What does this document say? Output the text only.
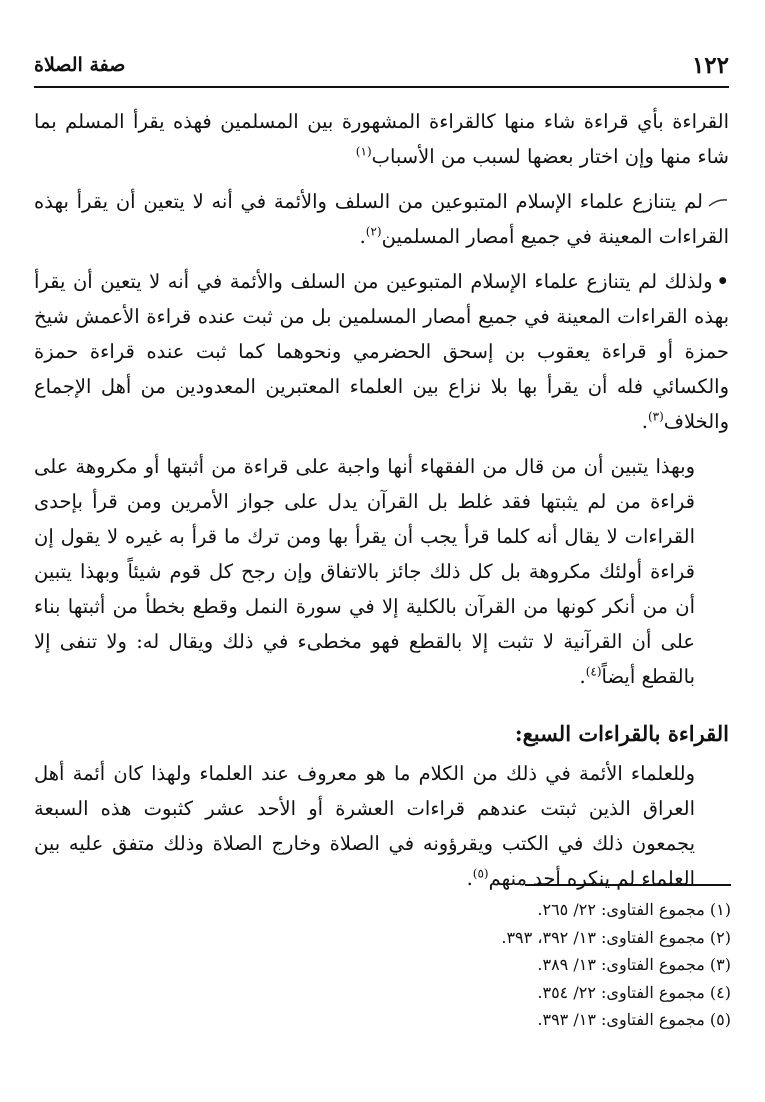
١٢٢
صفة الصلاة

القراءة بأي قراءة شاء منها كالقراءة المشهورة بين المسلمين فهذه يقرأ المسلم بما شاء منها وإن اختار بعضها لسبب من الأسباب$^{(١)}$

لم يتنازع علماء الإسلام المتبوعين من السلف والأئمة في أنه لا يتعين أن يقرأ بهذه القراءات المعينة في جميع أمصار المسلمين$^{(٢)}$.

•ولذلك لم يتنازع علماء الإسلام المتبوعين من السلف والأئمة في أنه لا يتعين أن يقرأ بهذه القراءات المعينة في جميع أمصار المسلمين بل من ثبت عنده قراءة الأعمش شيخ حمزة أو قراءة يعقوب بن إسحق الحضرمي ونحوهما كما ثبت عنده قراءة حمزة والكسائي فله أن يقرأ بها بلا نزاع بين العلماء المعتبرين المعدودين من أهل الإجماع والخلاف$^{(٣)}$.

وبهذا يتبين أن من قال من الفقهاء أنها واجبة على قراءة من أثبتها أو مكروهة على قراءة من لم يثبتها فقد غلط بل القرآن يدل على جواز الأمرين ومن قرأ بإحدى القراءات لا يقال أنه كلما قرأ يجب أن يقرأ بها ومن ترك ما قرأ به غيره لا يقول إن قراءة أولئك مكروهة بل كل ذلك جائز بالاتفاق وإن رجح كل قوم شيئاً وبهذا يتبين أن من أنكر كونها من القرآن بالكلية إلا في سورة النمل وقطع بخطأ من أثبتها بناء على أن القرآنية لا تثبت إلا بالقطع فهو مخطىء في ذلك ويقال له: ولا تنفى إلا بالقطع أيضاً$^{(٤)}$.

القراءة بالقراءات السبع:

وللعلماء الأئمة في ذلك من الكلام ما هو معروف عند العلماء ولهذا كان أئمة أهل العراق الذين ثبتت عندهم قراءات العشرة أو الأحد عشر كثبوت هذه السبعة يجمعون ذلك في الكتب ويقرؤونه في الصلاة وخارج الصلاة وذلك متفق عليه بين العلماء لم ينكره أحد منهم$^{(٥)}$.

(١) مجموع الفتاوى: ٢٢/ ٢٦٥.
(٢) مجموع الفتاوى: ١٣/ ٣٩٢، ٣٩٣.
(٣) مجموع الفتاوى: ١٣/ ٣٨٩.
(٤) مجموع الفتاوى: ٢٢/ ٣٥٤.
(٥) مجموع الفتاوى: ١٣/ ٣٩٣.
